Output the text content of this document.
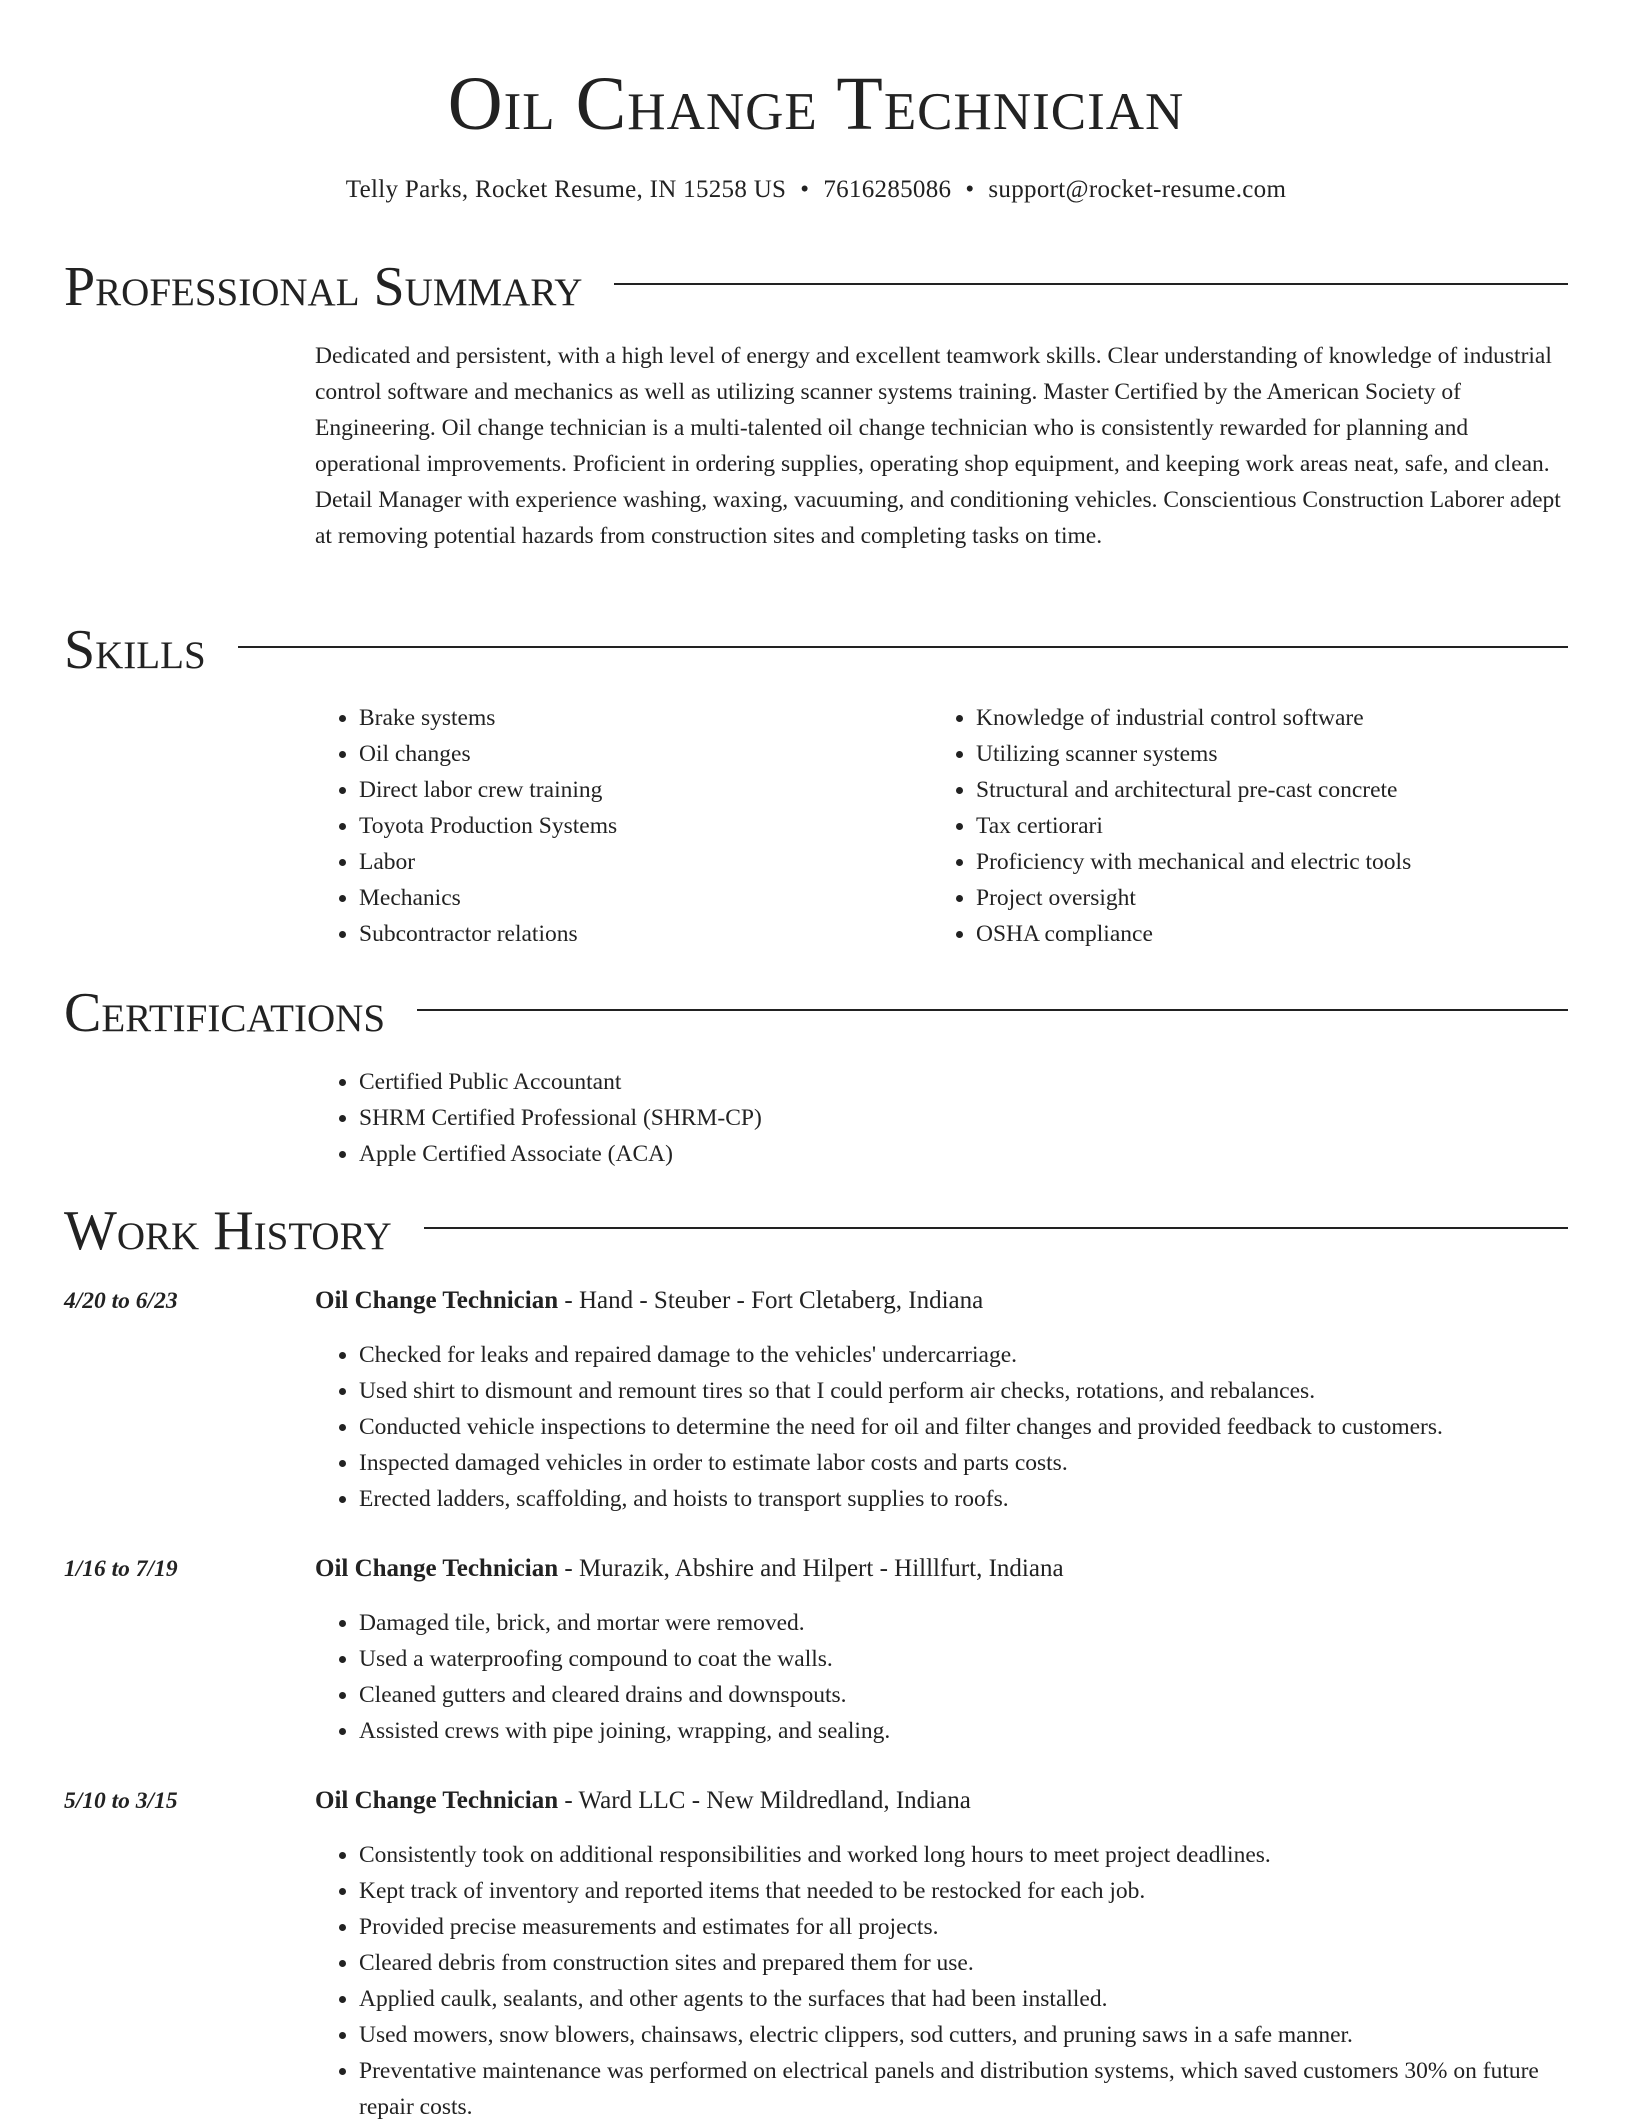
Oil Change Technician
Telly Parks, Rocket Resume, IN 15258 US • 7616285086 • support@rocket-resume.com
Professional Summary
Dedicated and persistent, with a high level of energy and excellent teamwork skills. Clear understanding of knowledge of industrial control software and mechanics as well as utilizing scanner systems training. Master Certified by the American Society of Engineering. Oil change technician is a multi-talented oil change technician who is consistently rewarded for planning and operational improvements. Proficient in ordering supplies, operating shop equipment, and keeping work areas neat, safe, and clean. Detail Manager with experience washing, waxing, vacuuming, and conditioning vehicles. Conscientious Construction Laborer adept at removing potential hazards from construction sites and completing tasks on time.
Skills
• Brake systems
• Oil changes
• Direct labor crew training
• Toyota Production Systems
• Labor
• Mechanics
• Subcontractor relations
• Knowledge of industrial control software
• Utilizing scanner systems
• Structural and architectural pre-cast concrete
• Tax certiorari
• Proficiency with mechanical and electric tools
• Project oversight
• OSHA compliance
Certifications
• Certified Public Accountant
• SHRM Certified Professional (SHRM-CP)
• Apple Certified Associate (ACA)
Work History
4/20 to 6/23	Oil Change Technician - Hand - Steuber - Fort Cletaberg, Indiana
• Checked for leaks and repaired damage to the vehicles' undercarriage.
• Used shirt to dismount and remount tires so that I could perform air checks, rotations, and rebalances.
• Conducted vehicle inspections to determine the need for oil and filter changes and provided feedback to customers.
• Inspected damaged vehicles in order to estimate labor costs and parts costs.
• Erected ladders, scaffolding, and hoists to transport supplies to roofs.
1/16 to 7/19	Oil Change Technician - Murazik, Abshire and Hilpert - Hilllfurt, Indiana
• Damaged tile, brick, and mortar were removed.
• Used a waterproofing compound to coat the walls.
• Cleaned gutters and cleared drains and downspouts.
• Assisted crews with pipe joining, wrapping, and sealing.
5/10 to 3/15	Oil Change Technician - Ward LLC - New Mildredland, Indiana
• Consistently took on additional responsibilities and worked long hours to meet project deadlines.
• Kept track of inventory and reported items that needed to be restocked for each job.
• Provided precise measurements and estimates for all projects.
• Cleared debris from construction sites and prepared them for use.
• Applied caulk, sealants, and other agents to the surfaces that had been installed.
• Used mowers, snow blowers, chainsaws, electric clippers, sod cutters, and pruning saws in a safe manner.
• Preventative maintenance was performed on electrical panels and distribution systems, which saved customers 30% on future repair costs.
